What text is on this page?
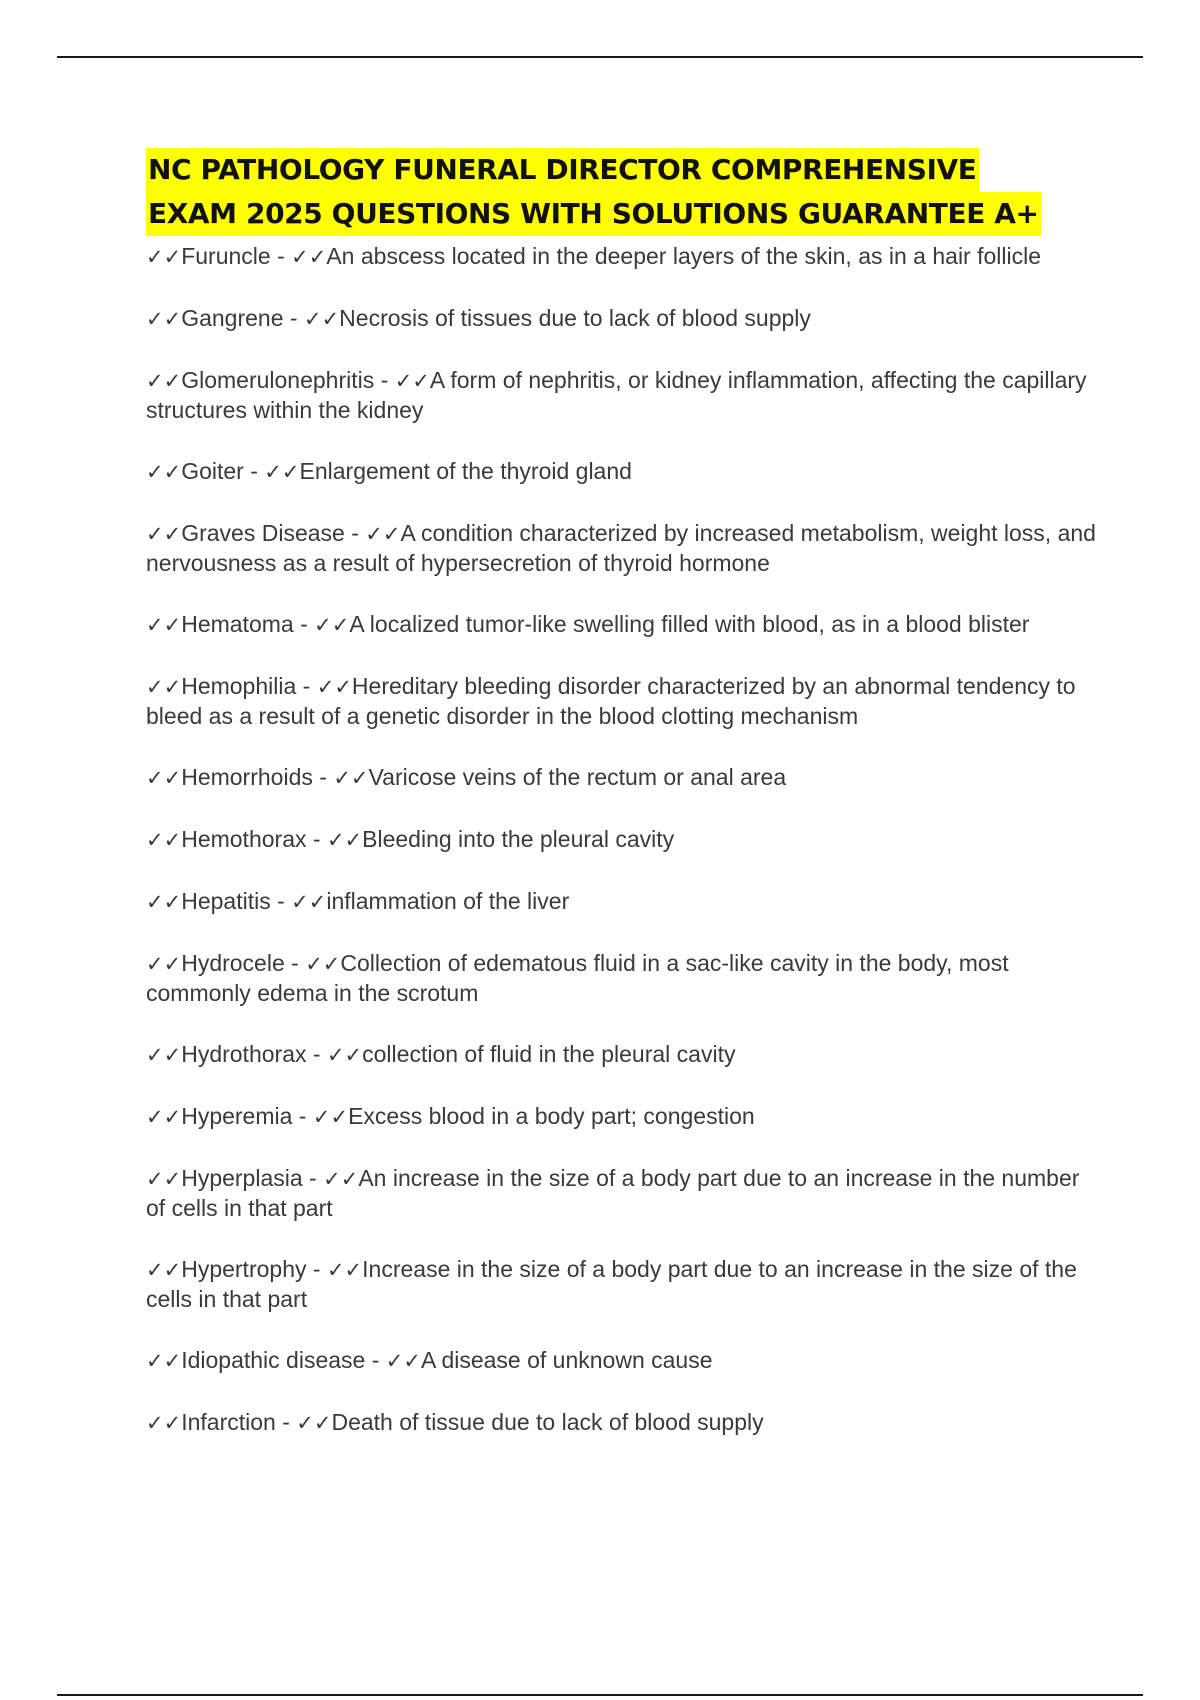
NC PATHOLOGY FUNERAL DIRECTOR COMPREHENSIVE
EXAM 2025 QUESTIONS WITH SOLUTIONS GUARANTEE A+
✓✓Furuncle - ✓✓An abscess located in the deeper layers of the skin, as in a hair follicle
✓✓Gangrene - ✓✓Necrosis of tissues due to lack of blood supply
✓✓Glomerulonephritis - ✓✓A form of nephritis, or kidney inflammation, affecting the capillary structures within the kidney
✓✓Goiter - ✓✓Enlargement of the thyroid gland
✓✓Graves Disease - ✓✓A condition characterized by increased metabolism, weight loss, and nervousness as a result of hypersecretion of thyroid hormone
✓✓Hematoma - ✓✓A localized tumor-like swelling filled with blood, as in a blood blister
✓✓Hemophilia - ✓✓Hereditary bleeding disorder characterized by an abnormal tendency to bleed as a result of a genetic disorder in the blood clotting mechanism
✓✓Hemorrhoids - ✓✓Varicose veins of the rectum or anal area
✓✓Hemothorax - ✓✓Bleeding into the pleural cavity
✓✓Hepatitis - ✓✓inflammation of the liver
✓✓Hydrocele - ✓✓Collection of edematous fluid in a sac-like cavity in the body, most commonly edema in the scrotum
✓✓Hydrothorax - ✓✓collection of fluid in the pleural cavity
✓✓Hyperemia - ✓✓Excess blood in a body part; congestion
✓✓Hyperplasia - ✓✓An increase in the size of a body part due to an increase in the number of cells in that part
✓✓Hypertrophy - ✓✓Increase in the size of a body part due to an increase in the size of the cells in that part
✓✓Idiopathic disease - ✓✓A disease of unknown cause
✓✓Infarction - ✓✓Death of tissue due to lack of blood supply
